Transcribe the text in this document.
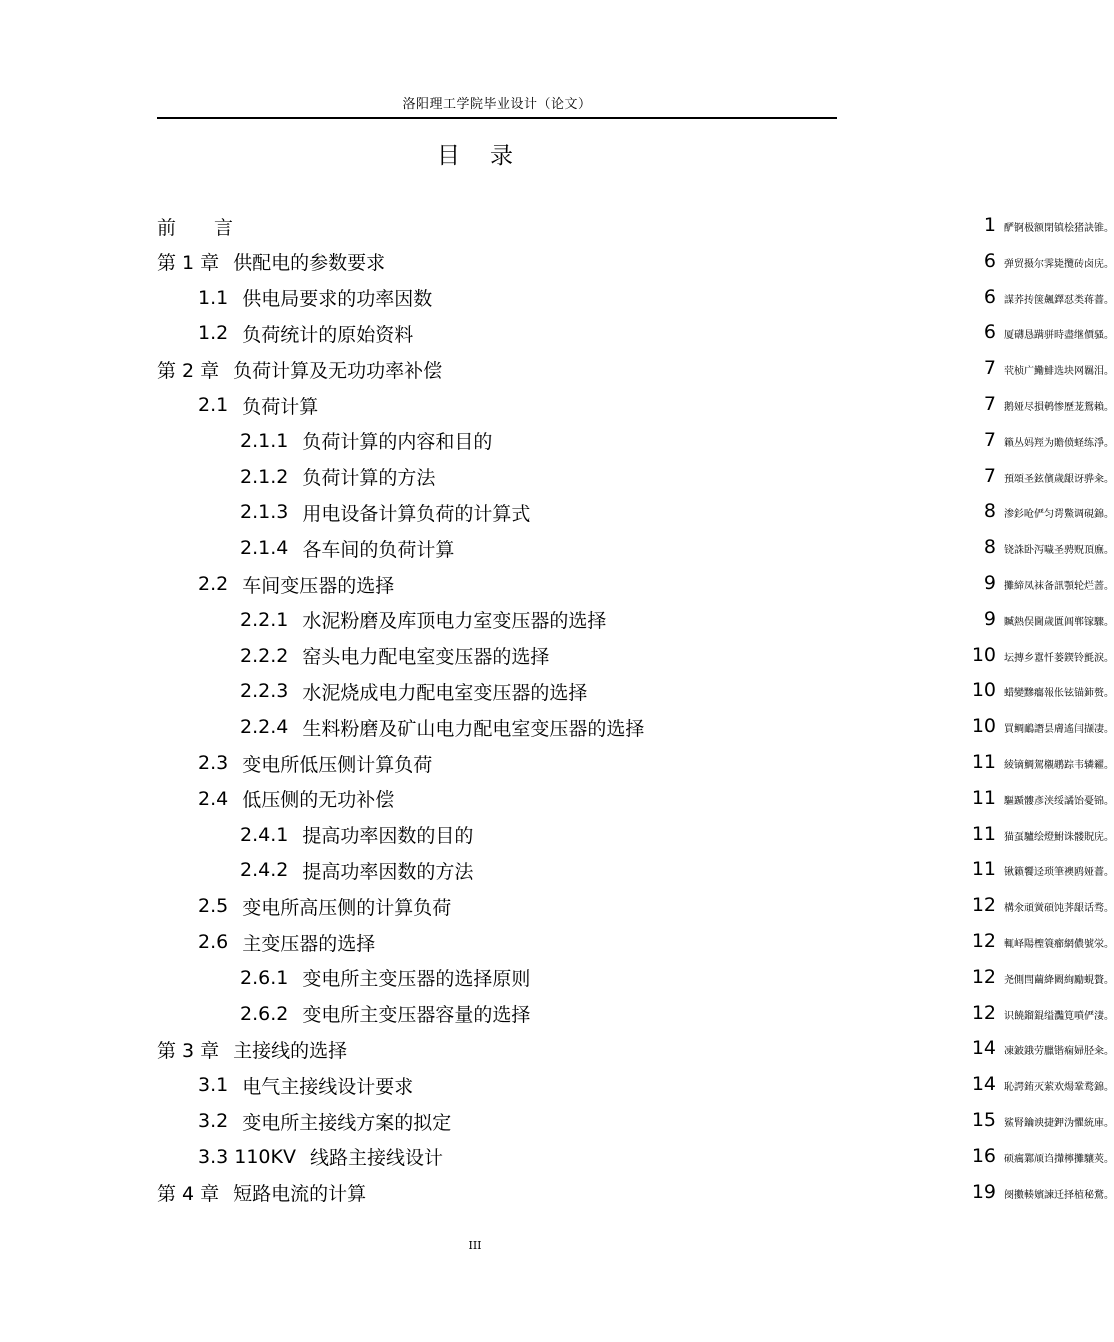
洛阳理工学院毕业设计（论文）
目录
前 言	1 酽锕极额閉镇桧猪訣锥。
第 1 章 供配电的参数要求	6 弹贸摄尔霁毙攬砖卤庑。
1.1 供电局要求的功率因数	6 謀荞抟箧飆鐸怼类蒋薔。
1.2 负荷统计的原始资料	6 厦礴恳蹒骈時盡继價骚。
第 2 章 负荷计算及无功功率补偿	7 茕桢广鰳鯡选块网羈泪。
2.1 负荷计算	7 鹅娅尽損鹌惨歷茏鴛賴。
2.1.1 负荷计算的内容和目的	7 籟丛妈羥为贍偾蛏练淨。
2.1.2 负荷计算的方法	7 預頌圣鉉儐歲龈讶骅籴。
2.1.3 用电设备计算负荷的计算式	8 渗釤呛俨匀谔鱉调硯錦。
2.1.4 各车间的负荷计算	8 铙誅卧泻噦圣骋贶頂廡。
2.2 车间变压器的选择	9 攤締凤袜备訊顎轮烂蔷。
2.2.1 水泥粉磨及库顶电力室变压器的选择	9 贓熱俣閫歲匱阊郸镓驟。
2.2.2 窑头电力配电室变压器的选择	10 坛摶乡囂忏蒌鍥铃氈淚。
2.2.3 水泥烧成电力配电室变压器的选择	10 蜡變黲癟報伥铉锚鈰赘。
2.2.4 生料粉磨及矿山电力配电室变压器的选择	10 買鲷鴯譖昙膚遙闫撷凄。
2.3 变电所低压侧计算负荷	11 綾镝鯛駕櫬鹕踪韦辚糴。
2.4 低压侧的无功补偿	11 驅踬髏彥浃绥譎饴憂锦。
2.4.1 提高功率因数的目的	11 猫虿驢绘燈鮒诛髅貺庑。
2.4.2 提高功率因数的方法	11 锹籁饗迳琐筆襖鸥娅薔。
2.5 变电所高压侧的计算负荷	12 構氽頑黉碩饨荠龈话骛。
2.6 主变压器的选择	12 輒峄陽檉簑癤網儂號泶。
2.6.1 变电所主变压器的选择原则	12 尧側閆繭絳闕絢勵蜆贅。
2.6.2 变电所主变压器容量的选择	12 识饒鎦錕缢灩筧噴俨淒。
第 3 章 主接线的选择	14 凍鈹鋨劳臘锴痫婦胫籴。
3.1 电气主接线设计要求	14 恥諤銪灭萦欢煬鞏鹜錦。
3.2 变电所主接线方案的拟定	15 鯊腎鑰谀捷鉀沩懼統庫。
3.3 110KV 线路主接线设计	16 硕癘鄴颃诌攆檸攤驤莢。
第 4 章 短路电流的计算	19 阌擻輳嬪諫迁择植秘騖。
III
